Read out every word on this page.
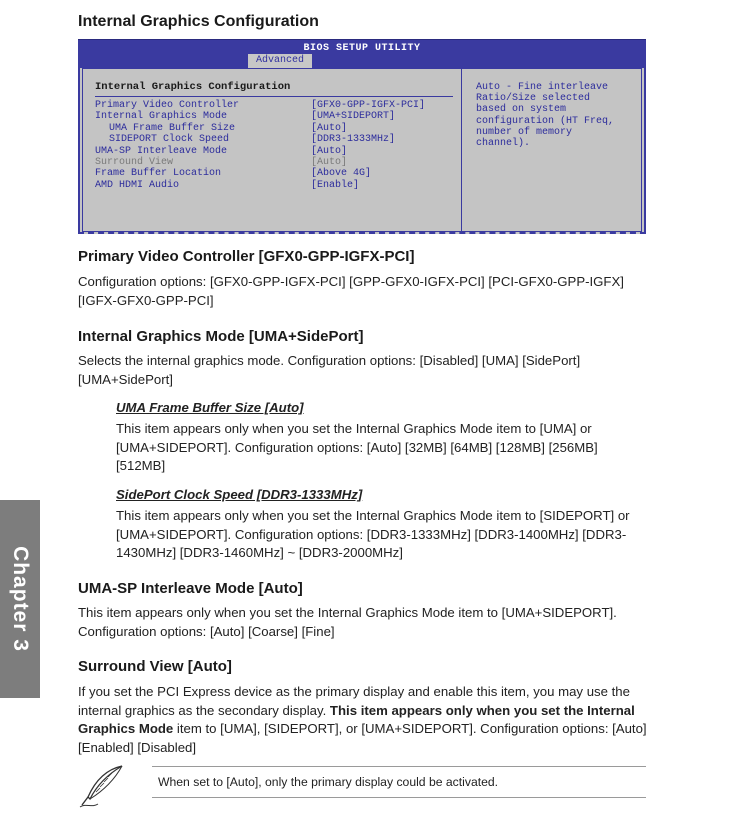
Internal Graphics Configuration
BIOS SETUP UTILITY
Advanced
Internal Graphics Configuration
Primary Video Controller	[GFX0-GPP-IGFX-PCI]
Internal Graphics Mode	[UMA+SIDEPORT]
UMA Frame Buffer Size	[Auto]
SIDEPORT Clock Speed	[DDR3-1333MHz]
UMA-SP Interleave Mode	[Auto]
Surround View	[Auto]
Frame Buffer Location	[Above 4G]
AMD HDMI Audio	[Enable]
Auto - Fine interleave
Ratio/Size selected
based on system
configuration (HT Freq,
number of memory
channel).
Primary Video Controller [GFX0-GPP-IGFX-PCI]

Configuration options: [GFX0-GPP-IGFX-PCI] [GPP-GFX0-IGFX-PCI] [PCI-GFX0-GPP-IGFX] [IGFX-GFX0-GPP-PCI]

Internal Graphics Mode [UMA+SidePort]

Selects the internal graphics mode. Configuration options: [Disabled] [UMA] [SidePort] [UMA+SidePort]

UMA Frame Buffer Size [Auto]

This item appears only when you set the Internal Graphics Mode item to [UMA] or [UMA+SIDEPORT]. Configuration options: [Auto] [32MB] [64MB] [128MB] [256MB] [512MB]

SidePort Clock Speed [DDR3-1333MHz]

This item appears only when you set the Internal Graphics Mode item to [SIDEPORT] or [UMA+SIDEPORT]. Configuration options: [DDR3-1333MHz] [DDR3-1400MHz] [DDR3-1430MHz] [DDR3-1460MHz] ~ [DDR3-2000MHz]

UMA-SP Interleave Mode [Auto]

This item appears only when you set the Internal Graphics Mode item to [UMA+SIDEPORT]. Configuration options: [Auto] [Coarse] [Fine]

Surround View [Auto]

If you set the PCI Express device as the primary display and enable this item, you may use the internal graphics as the secondary display. This item appears only when you set the Internal Graphics Mode item to [UMA], [SIDEPORT], or [UMA+SIDEPORT]. Configuration options: [Auto] [Enabled] [Disabled]

Chapter 3

When set to [Auto], only the primary display could be activated.
